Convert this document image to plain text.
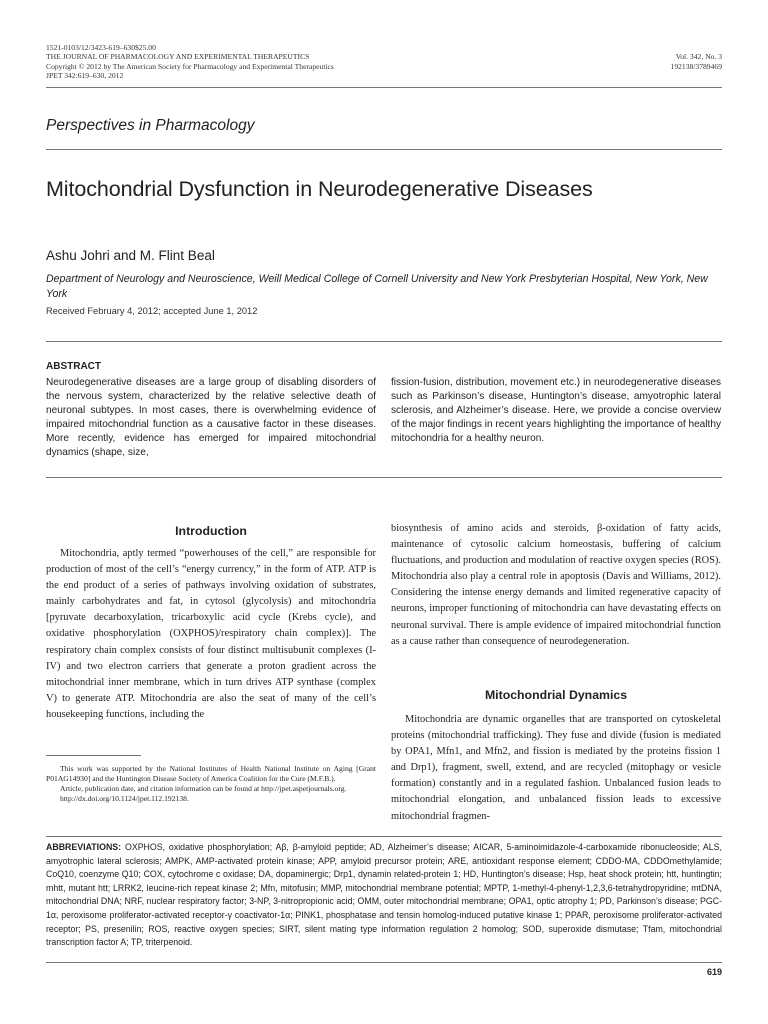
1521-0103/12/3423-619–630$25.00
THE JOURNAL OF PHARMACOLOGY AND EXPERIMENTAL THERAPEUTICS
Copyright © 2012 by The American Society for Pharmacology and Experimental Therapeutics
JPET 342:619–630, 2012

Vol. 342, No. 3
192138/3789469
Perspectives in Pharmacology
Mitochondrial Dysfunction in Neurodegenerative Diseases
Ashu Johri and M. Flint Beal
Department of Neurology and Neuroscience, Weill Medical College of Cornell University and New York Presbyterian Hospital, New York, New York
Received February 4, 2012; accepted June 1, 2012
ABSTRACT
Neurodegenerative diseases are a large group of disabling disorders of the nervous system, characterized by the relative selective death of neuronal subtypes. In most cases, there is overwhelming evidence of impaired mitochondrial function as a causative factor in these diseases. More recently, evidence has emerged for impaired mitochondrial dynamics (shape, size,
fission-fusion, distribution, movement etc.) in neurodegenerative diseases such as Parkinson’s disease, Huntington’s disease, amyotrophic lateral sclerosis, and Alzheimer’s disease. Here, we provide a concise overview of the major findings in recent years highlighting the importance of healthy mitochondria for a healthy neuron.
Introduction

Mitochondria, aptly termed “powerhouses of the cell,” are responsible for production of most of the cell’s “energy currency,” in the form of ATP. ATP is the end product of a series of pathways involving oxidation of substrates, mainly carbohydrates and fat, in cytosol (glycolysis) and mitochondria [pyruvate decarboxylation, tricarboxylic acid cycle (Krebs cycle), and oxidative phosphorylation (OXPHOS)/respiratory chain complex)]. The respiratory chain complex consists of four distinct multisubunit complexes (I-IV) and two electron carriers that generate a proton gradient across the mitochondrial inner membrane, which in turn drives ATP synthase (complex V) to generate ATP. Mitochondria are also the seat of many of the cell’s housekeeping functions, including the

This work was supported by the National Institutes of Health National Institute on Aging [Grant P01AG14930] and the Huntington Disease Society of America Coalition for the Cure (M.F.B.).

Article, publication date, and citation information can be found at http://jpet.aspetjournals.org.

http://dx.doi.org/10.1124/jpet.112.192138.

biosynthesis of amino acids and steroids, β-oxidation of fatty acids, maintenance of cytosolic calcium homeostasis, buffering of calcium fluctuations, and production and modulation of reactive oxygen species (ROS). Mitochondria also play a central role in apoptosis (Davis and Williams, 2012). Considering the intense energy demands and limited regenerative capacity of neurons, improper functioning of mitochondria can have devastating effects on neuronal survival. There is ample evidence of impaired mitochondrial function as a cause rather than consequence of neurodegeneration.

Mitochondrial Dynamics

Mitochondria are dynamic organelles that are transported on cytoskeletal proteins (mitochondrial trafficking). They fuse and divide (fusion is mediated by OPA1, Mfn1, and Mfn2, and fission is mediated by the proteins fission 1 and Drp1), fragment, swell, extend, and are recycled (mitophagy or vesicle formation) constantly and in a regulated fashion. Unbalanced fusion leads to mitochondrial elongation, and unbalanced fission leads to excessive mitochondrial fragmen-

ABBREVIATIONS: OXPHOS, oxidative phosphorylation; Aβ, β-amyloid peptide; AD, Alzheimer’s disease; AICAR, 5-aminoimidazole-4-carboxamide ribonucleoside; ALS, amyotrophic lateral sclerosis; AMPK, AMP-activated protein kinase; APP, amyloid precursor protein; ARE, antioxidant response element; CDDO-MA, CDDOmethylamide; CoQ10, coenzyme Q10; COX, cytochrome c oxidase; DA, dopaminergic; Drp1, dynamin related-protein 1; HD, Huntington’s disease; Hsp, heat shock protein; htt, huntingtin; mhtt, mutant htt; LRRK2, leucine-rich repeat kinase 2; Mfn, mitofusin; MMP, mitochondrial membrane potential; MPTP, 1-methyl-4-phenyl-1,2,3,6-tetrahydropyridine; mtDNA, mitochondrial DNA; NRF, nuclear respiratory factor; 3-NP, 3-nitropropionic acid; OMM, outer mitochondrial membrane; OPA1, optic atrophy 1; PD, Parkinson’s disease; PGC-1α, peroxisome proliferator-activated receptor-γ coactivator-1α; PINK1, phosphatase and tensin homolog-induced putative kinase 1; PPAR, peroxisome proliferator-activated receptor; PS, presenilin; ROS, reactive oxygen species; SIRT, silent mating type information regulation 2 homolog; SOD, superoxide dismutase; Tfam, mitochondrial transcription factor A; TP, triterpenoid.
619
